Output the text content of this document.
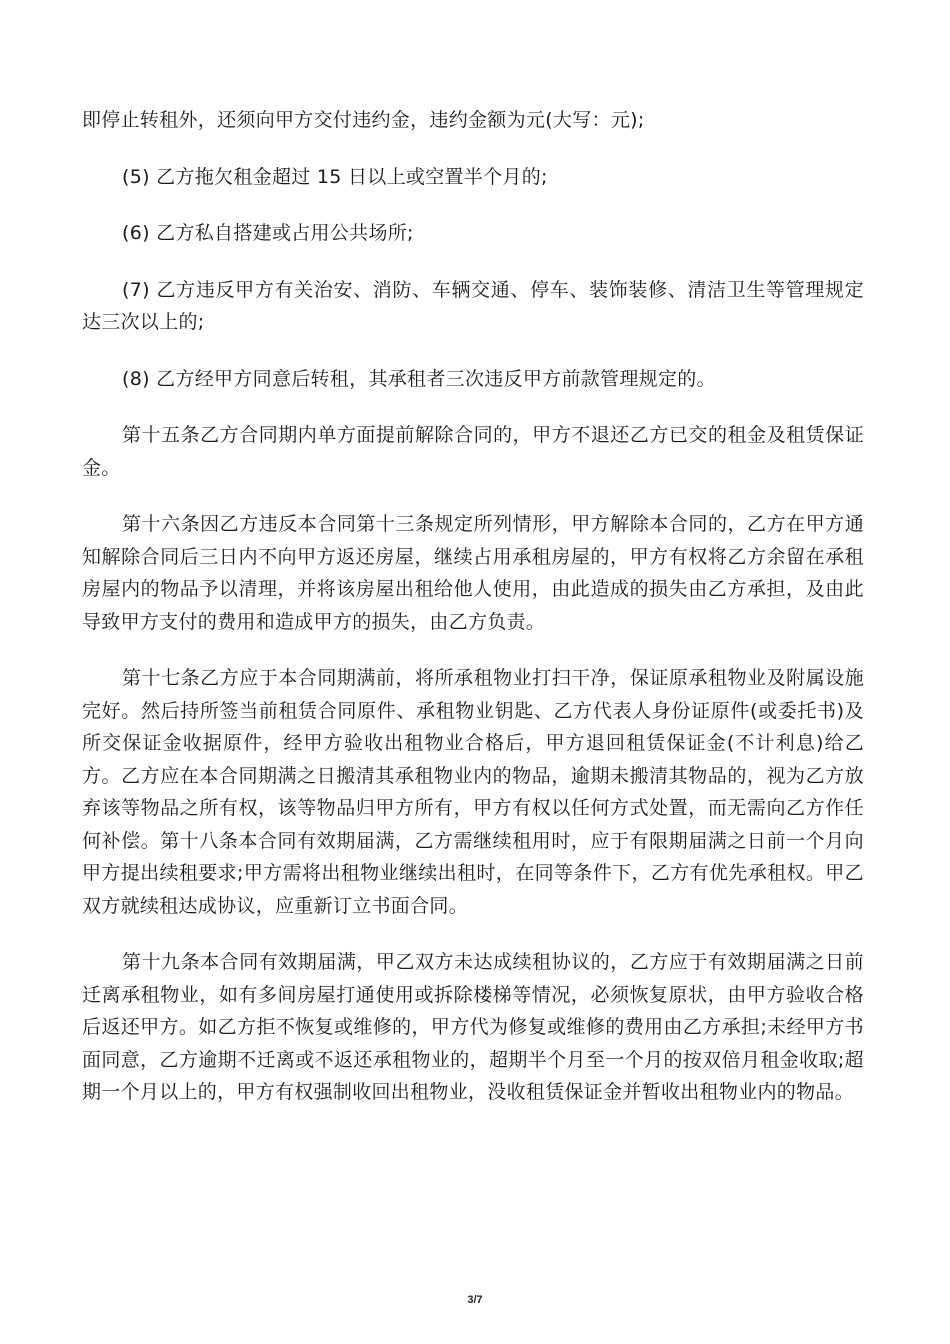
即停止转租外，还须向甲方交付违约金，违约金额为元(大写：元);

(5) 乙方拖欠租金超过 15 日以上或空置半个月的;

(6) 乙方私自搭建或占用公共场所;

(7) 乙方违反甲方有关治安、消防、车辆交通、停车、装饰装修、清洁卫生等管理规定达三次以上的;

(8) 乙方经甲方同意后转租，其承租者三次违反甲方前款管理规定的。

第十五条乙方合同期内单方面提前解除合同的，甲方不退还乙方已交的租金及租赁保证金。

第十六条因乙方违反本合同第十三条规定所列情形，甲方解除本合同的，乙方在甲方通知解除合同后三日内不向甲方返还房屋，继续占用承租房屋的，甲方有权将乙方余留在承租房屋内的物品予以清理，并将该房屋出租给他人使用，由此造成的损失由乙方承担，及由此导致甲方支付的费用和造成甲方的损失，由乙方负责。

第十七条乙方应于本合同期满前，将所承租物业打扫干净，保证原承租物业及附属设施完好。然后持所签当前租赁合同原件、承租物业钥匙、乙方代表人身份证原件(或委托书)及所交保证金收据原件，经甲方验收出租物业合格后，甲方退回租赁保证金(不计利息)给乙方。乙方应在本合同期满之日搬清其承租物业内的物品，逾期未搬清其物品的，视为乙方放弃该等物品之所有权，该等物品归甲方所有，甲方有权以任何方式处置，而无需向乙方作任何补偿。第十八条本合同有效期届满，乙方需继续租用时，应于有限期届满之日前一个月向甲方提出续租要求;甲方需将出租物业继续出租时，在同等条件下，乙方有优先承租权。甲乙双方就续租达成协议，应重新订立书面合同。

第十九条本合同有效期届满，甲乙双方未达成续租协议的，乙方应于有效期届满之日前迁离承租物业，如有多间房屋打通使用或拆除楼梯等情况，必须恢复原状，由甲方验收合格后返还甲方。如乙方拒不恢复或维修的，甲方代为修复或维修的费用由乙方承担;未经甲方书面同意，乙方逾期不迁离或不返还承租物业的，超期半个月至一个月的按双倍月租金收取;超期一个月以上的，甲方有权强制收回出租物业，没收租赁保证金并暂收出租物业内的物品。

3/7
